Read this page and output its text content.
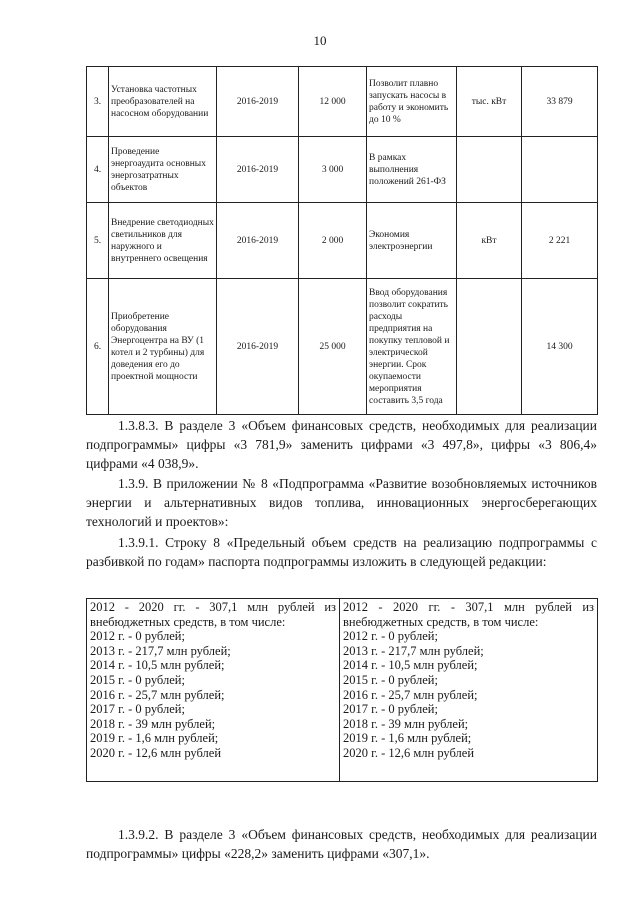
10
3.	Установка частотных преобразователей на насосном оборудовании	2016-2019	12 000	Позволит плавно запускать насосы в работу и экономить до 10 %	тыс. кВт	33 879
4.	Проведение энергоаудита основных энергозатратных объектов	2016-2019	3 000	В рамках выполнения положений 261-ФЗ		
5.	Внедрение светодиодных светильников для наружного и внутреннего освещения	2016-2019	2 000	Экономия электроэнергии	кВт	2 221
6.	Приобретение оборудования Энергоцентра на ВУ (1 котел и 2 турбины) для доведения его до проектной мощности	2016-2019	25 000	Ввод оборудования позволит сократить расходы предприятия на покупку тепловой и электрической энергии. Срок окупаемости мероприятия составить 3,5 года		14 300
1.3.8.3. В разделе 3 «Объем финансовых средств, необходимых для реализации подпрограммы» цифры «3 781,9» заменить цифрами «3 497,8», цифры «3 806,4» цифрами «4 038,9».
1.3.9. В приложении № 8 «Подпрограмма «Развитие возобновляемых источников энергии и альтернативных видов топлива, инновационных энергосберегающих технологий и проектов»:
1.3.9.1. Строку 8 «Предельный объем средств на реализацию подпрограммы с разбивкой по годам» паспорта подпрограммы изложить в следующей редакции:
2012 - 2020 гг. - 307,1 млн рублей из
внебюджетных средств, в том числе:
2012 г. - 0 рублей;
2013 г. - 217,7 млн рублей;
2014 г. - 10,5 млн рублей;
2015 г. - 0 рублей;
2016 г. - 25,7 млн рублей;
2017 г. - 0 рублей;
2018 г. - 39 млн рублей;
2019 г. - 1,6 млн рублей;
2020 г. - 12,6 млн рублей

2012 - 2020 гг. - 307,1 млн рублей из
внебюджетных средств, в том числе:
2012 г. - 0 рублей;
2013 г. - 217,7 млн рублей;
2014 г. - 10,5 млн рублей;
2015 г. - 0 рублей;
2016 г. - 25,7 млн рублей;
2017 г. - 0 рублей;
2018 г. - 39 млн рублей;
2019 г. - 1,6 млн рублей;
2020 г. - 12,6 млн рублей
1.3.9.2. В разделе 3 «Объем финансовых средств, необходимых для реализации подпрограммы» цифры «228,2» заменить цифрами «307,1».
